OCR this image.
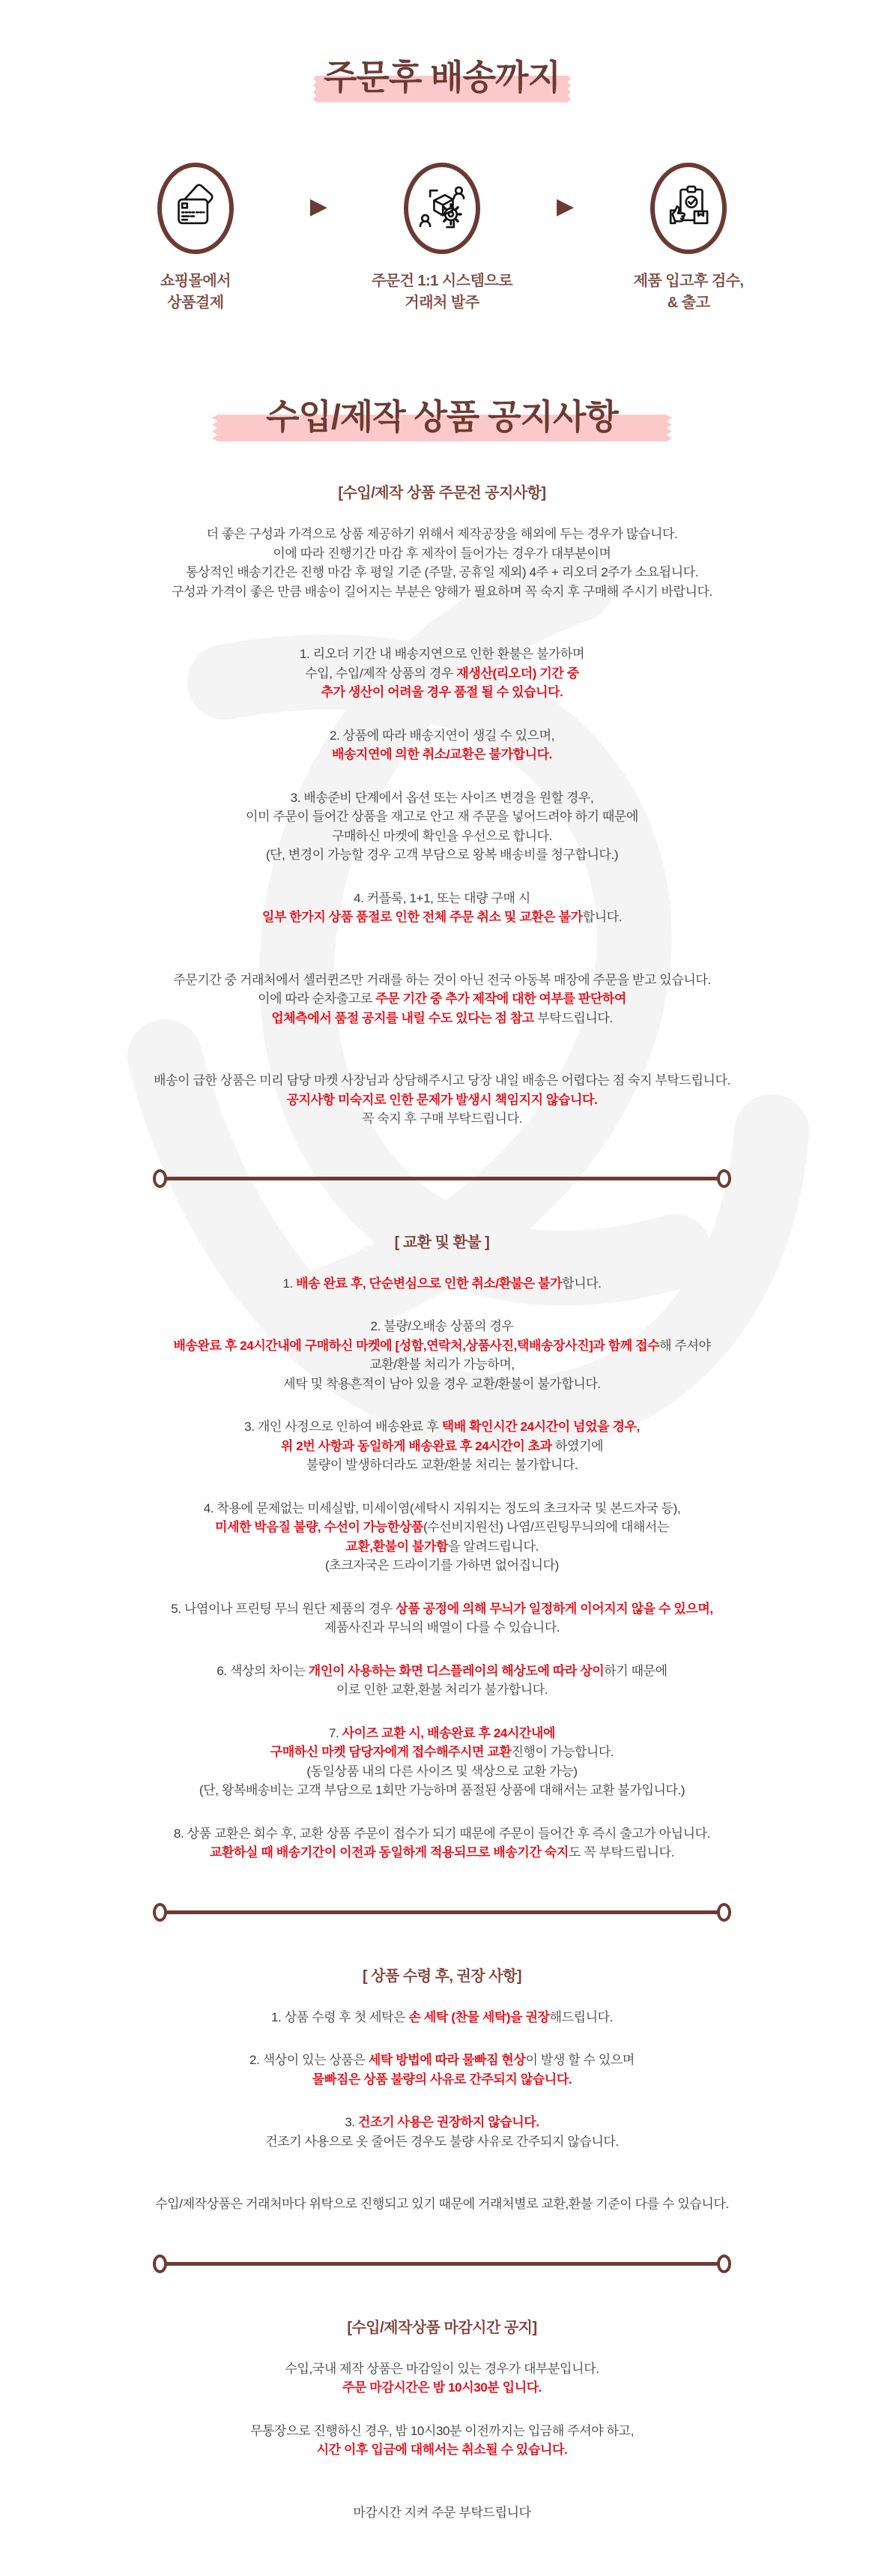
주문후 배송까지
쇼핑몰에서
상품결제
▶
주문건 1:1 시스템으로
거래처 발주
▶
제품 입고후 검수,
& 출고
수입/제작 상품 공지사항
[수입/제작 상품 주문전 공지사항]
더 좋은 구성과 가격으로 상품 제공하기 위해서 제작공장을 해외에 두는 경우가 많습니다.
이에 따라 진행기간 마감 후 제작이 들어가는 경우가 대부분이며
통상적인 배송기간은 진행 마감 후 평일 기준 (주말, 공휴일 제외) 4주 + 리오더 2주가 소요됩니다.
구성과 가격이 좋은 만큼 배송이 길어지는 부분은 양해가 필요하며 꼭 숙지 후 구매해 주시기 바랍니다.
1. 리오더 기간 내 배송지연으로 인한 환불은 불가하며
수입, 수입/제작 상품의 경우 재생산(리오더) 기간 중
추가 생산이 어려울 경우 품절 될 수 있습니다.
2. 상품에 따라 배송지연이 생길 수 있으며,
배송지연에 의한 취소/교환은 불가합니다.
3. 배송준비 단계에서 옵션 또는 사이즈 변경을 원할 경우,
이미 주문이 들어간 상품을 재고로 안고 재 주문을 넣어드려야 하기 때문에
구매하신 마켓에 확인을 우선으로 합니다.
(단, 변경이 가능할 경우 고객 부담으로 왕복 배송비를 청구합니다.)
4. 커플룩, 1+1, 또는 대량 구매 시
일부 한가지 상품 품절로 인한 전체 주문 취소 및 교환은 불가합니다.
주문기간 중 거래처에서 셀러퀸즈만 거래를 하는 것이 아닌 전국 아동복 매장에 주문을 받고 있습니다.
이에 따라 순차출고로 주문 기간 중 추가 제작에 대한 여부를 판단하여
업체측에서 품절 공지를 내릴 수도 있다는 점 참고 부탁드립니다.
배송이 급한 상품은 미리 담당 마켓 사장님과 상담해주시고 당장 내일 배송은 어렵다는 점 숙지 부탁드립니다.
공지사항 미숙지로 인한 문제가 발생시 책임지지 않습니다.
꼭 숙지 후 구매 부탁드립니다.
[ 교환 및 환불 ]
1. 배송 완료 후, 단순변심으로 인한 취소/환불은 불가합니다.
2. 불량/오배송 상품의 경우
배송완료 후 24시간내에 구매하신 마켓에 [성함,연락처,상품사진,택배송장사진]과 함께 접수해 주셔야
교환/환불 처리가 가능하며,
세탁 및 착용흔적이 남아 있을 경우 교환/환불이 불가합니다.
3. 개인 사정으로 인하여 배송완료 후 택배 확인시간 24시간이 넘었을 경우,
위 2번 사항과 동일하게 배송완료 후 24시간이 초과 하였기에
불량이 발생하더라도 교환/환불 처리는 불가합니다.
4. 착용에 문제없는 미세실밥, 미세이염(세탁시 지워지는 정도의 초크자국 및 본드자국 등),
미세한 박음질 불량, 수선이 가능한상품(수선비지원선) 나염/프린팅무늬의에 대해서는
교환,환불이 불가함을 알려드립니다.
(초크자국은 드라이기를 가하면 없어집니다)
5. 나염이나 프린팅 무늬 원단 제품의 경우 상품 공정에 의해 무늬가 일정하게 이어지지 않을 수 있으며,
제품사진과 무늬의 배열이 다를 수 있습니다.
6. 색상의 차이는 개인이 사용하는 화면 디스플레이의 해상도에 따라 상이하기 때문에
이로 인한 교환,환불 처리가 불가합니다.
7. 사이즈 교환 시, 배송완료 후 24시간내에
구매하신 마켓 담당자에게 접수해주시면 교환진행이 가능합니다.
(동일상품 내의 다른 사이즈 및 색상으로 교환 가능)
(단, 왕복배송비는 고객 부담으로 1회만 가능하며 품절된 상품에 대해서는 교환 불가입니다.)
8. 상품 교환은 회수 후, 교환 상품 주문이 접수가 되기 때문에 주문이 들어간 후 즉시 출고가 아닙니다.
교환하실 때 배송기간이 이전과 동일하게 적용되므로 배송기간 숙지도 꼭 부탁드립니다.
[ 상품 수령 후, 권장 사항]
1. 상품 수령 후 첫 세탁은 손 세탁 (찬물 세탁)을 권장해드립니다.
2. 색상이 있는 상품은 세탁 방법에 따라 물빠짐 현상이 발생 할 수 있으며
물빠짐은 상품 불량의 사유로 간주되지 않습니다.
3. 건조기 사용은 권장하지 않습니다.
건조기 사용으로 옷 줄어든 경우도 불량 사유로 간주되지 않습니다.
수입/제작상품은 거래처마다 위탁으로 진행되고 있기 때문에 거래처별로 교환,환불 기준이 다를 수 있습니다.
[수입/제작상품 마감시간 공지]
수입,국내 제작 상품은 마감일이 있는 경우가 대부분입니다.
주문 마감시간은 밤 10시30분 입니다.
무통장으로 진행하신 경우, 밤 10시30분 이전까지는 입금해 주셔야 하고,
시간 이후 입금에 대해서는 취소될 수 있습니다.
마감시간 지켜 주문 부탁드립니다
